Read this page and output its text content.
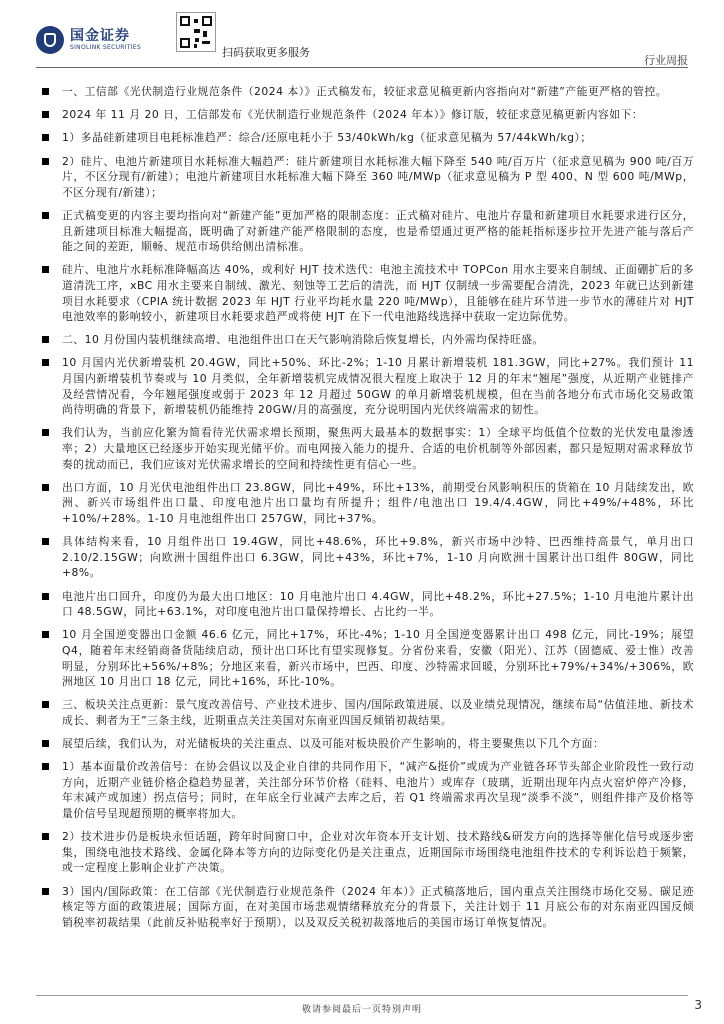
国金证券
SINOLINK SECURITIES	扫码获取更多服务
行业周报
一、工信部《光伏制造行业规范条件（2024 本）》正式稿发布，较征求意见稿更新内容指向对“新建”产能更严格的管控。
2024 年 11 月 20 日，工信部发布《光伏制造行业规范条件（2024 年本）》修订版，较征求意见稿更新内容如下：
1）多晶硅新建项目电耗标准趋严：综合/还原电耗小于 53/40kWh/kg（征求意见稿为 57/44kWh/kg）；
2）硅片、电池片新建项目水耗标准大幅趋严：硅片新建项目水耗标准大幅下降至 540 吨/百万片（征求意见稿为 900 吨/百万片，不区分现有/新建）；电池片新建项目水耗标准大幅下降至 360 吨/MWp（征求意见稿为 P 型 400、N 型 600 吨/MWp，不区分现有/新建）；
正式稿变更的内容主要均指向对“新建产能”更加严格的限制态度：正式稿对硅片、电池片存量和新建项目水耗要求进行区分，且新建项目标准大幅提高，既明确了对新建产能严格限制的态度，也是希望通过更严格的能耗指标逐步拉开先进产能与落后产能之间的差距，顺畅、规范市场供给侧出清标准。
硅片、电池片水耗标准降幅高达 40%，或利好 HJT 技术迭代：电池主流技术中 TOPCon 用水主要来自制绒、正面硼扩后的多道清洗工序，xBC 用水主要来自制绒、激光、刻蚀等工艺后的清洗，而 HJT 仅制绒一步需要配合清洗，2023 年就已达到新建项目水耗要求（CPIA 统计数据 2023 年 HJT 行业平均耗水量 220 吨/MWp），且能够在硅片环节进一步节水的薄硅片对 HJT 电池效率的影响较小，新建项目水耗要求趋严或将使 HJT 在下一代电池路线选择中获取一定边际优势。
二、10 月份国内装机继续高增、电池组件出口在天气影响消除后恢复增长，内外需均保持旺盛。
10 月国内光伏新增装机 20.4GW，同比+50%、环比-2%；1-10 月累计新增装机 181.3GW，同比+27%。我们预计 11 月国内新增装机节奏或与 10 月类似，全年新增装机完成情况很大程度上取决于 12 月的年末“翘尾”强度，从近期产业链排产及经营情况看，今年翘尾强度或弱于 2023 年 12 月超过 50GW 的单月新增装机规模，但在当前各地分布式市场化交易政策尚待明确的背景下，新增装机仍能维持 20GW/月的高强度，充分说明国内光伏终端需求的韧性。
我们认为，当前应化繁为简看待光伏需求增长预期，聚焦两大最基本的数据事实：1）全球平均低值个位数的光伏发电量渗透率；2）大量地区已经逐步开始实现光储平价。而电网接入能力的提升、合适的电价机制等外部因素，都只是短期对需求释放节奏的扰动而已，我们应该对光伏需求增长的空间和持续性更有信心一些。
出口方面，10 月光伏电池组件出口 23.8GW，同比+49%，环比+13%，前期受台风影响积压的货箱在 10 月陆续发出，欧洲、新兴市场组件出口量、印度电池片出口量均有所提升；组件/电池出口 19.4/4.4GW，同比+49%/+48%，环比+10%/+28%。1-10 月电池组件出口 257GW，同比+37%。
具体结构来看，10 月组件出口 19.4GW，同比+48.6%，环比+9.8%，新兴市场中沙特、巴西维持高景气，单月出口 2.10/2.15GW；向欧洲十国组件出口 6.3GW，同比+43%，环比+7%，1-10 月向欧洲十国累计出口组件 80GW，同比+8%。
电池片出口回升，印度仍为最大出口地区：10 月电池片出口 4.4GW，同比+48.2%，环比+27.5%；1-10 月电池片累计出口 48.5GW，同比+63.1%，对印度电池片出口量保持增长、占比约一半。
10 月全国逆变器出口金额 46.6 亿元，同比+17%，环比-4%；1-10 月全国逆变器累计出口 498 亿元，同比-19%；展望 Q4，随着年末经销商备货陆续启动，预计出口环比有望实现修复。分省份来看，安徽（阳光）、江苏（固德威、爱士惟）改善明显，分别环比+56%/+8%；分地区来看，新兴市场中，巴西、印度、沙特需求回暖，分别环比+79%/+34%/+306%，欧洲地区 10 月出口 18 亿元，同比+16%，环比-10%。
三、板块关注点更新：景气度改善信号、产业技术进步、国内/国际政策进展、以及业绩兑现情况，继续布局“估值洼地、新技术成长、剩者为王”三条主线，近期重点关注美国对东南亚四国反倾销初裁结果。
展望后续，我们认为，对光储板块的关注重点、以及可能对板块股价产生影响的，将主要聚焦以下几个方面：
1）基本面量价改善信号：在协会倡议以及企业自律的共同作用下，“减产&挺价”或成为产业链各环节头部企业阶段性一致行动方向，近期产业链价格企稳趋势显著，关注部分环节价格（硅料、电池片）或库存（玻璃，近期出现年内点火窑炉停产冷修，年末减产或加速）拐点信号；同时，在年底全行业减产去库之后，若 Q1 终端需求再次呈现“淡季不淡”，则组件排产及价格等量价信号呈现超预期的概率将加大。
2）技术进步仍是板块永恒话题，跨年时间窗口中，企业对次年资本开支计划、技术路线&研发方向的选择等催化信号或逐步密集，围绕电池技术路线、金属化降本等方向的边际变化仍是关注重点，近期国际市场围绕电池组件技术的专利诉讼趋于频繁，或一定程度上影响企业扩产决策。
3）国内/国际政策：在工信部《光伏制造行业规范条件（2024 年本）》正式稿落地后，国内重点关注围绕市场化交易、碳足迹核定等方面的政策进展；国际方面，在对美国市场悲观情绪释放充分的背景下，关注计划于 11 月底公布的对东南亚四国反倾销税率初裁结果（此前反补贴税率好于预期），以及双反关税初裁落地后的美国市场订单恢复情况。
敬请参阅最后一页特别声明	3
